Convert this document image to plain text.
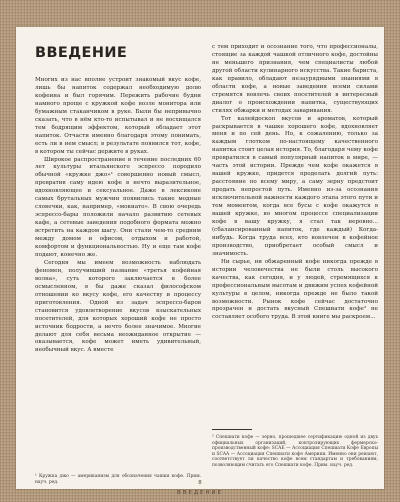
ВВЕДЕНИЕ

Многих из нас вполне устроит знакомый вкус кофе, лишь бы напиток содержал необходимую долю кофеина и был горячим. Пережить рабочие будни намного проще с кружкой кофе возле монитора или бумажным стаканчиком в руке. Были бы непривычно сказать, что в нём кто-то испытывал и не восхищался тем бодрящим эффектом, который обладает этот напиток. Отчасти именно благодаря этому понимать, есть ли в нем смысл; в результате появился тот, кофе, в котором ты сейчас держите в руках.

Широкое распространение в течение последних 60 лет культуры итальянского эспрессо породило обычной «кружке джо»¹ совершенно новый смысл, превратив саму идею кофе в нечто выразительное, вдохновляющее и сексуальное. Даже в лексиконе самых брутальных мужчин появились такие модные словечки, как, например, «мокиато». В свою очередь эспрессо-бары положили начало развитию сетевых кафе, а сетевые заведения подобного формата можно встретить на каждом шагу. Они стали чем-то средним между домом и офисом, отдыхом и работой, комфортом и функциональностью. Ну и еще там кофе подают, конечно же.

Сегодня мы имеем возможность наблюдать феномен, получивший название «третья кофейная волна», суть которого заключается в более осмысленном, я бы даже сказал философском отношении ко вкусу кофе, его качеству и процессу приготовления. Одной из задач эспрессо-баров становится удовлетворение вкусов взыскательных посетителей, для которых хороший кофе не просто источник бодрости, а нечто более значимое. Многие делают для себя весьма неожиданное открытие — оказывается, кофе может иметь удивительный, необычный вкус. А вместе

¹ Кружка джо — американизм для обозначения чашки кофе. Прим. науч. ред.

с тем приходит и осознание того, что профессионалы, стоящие за каждой чашкой отличного кофе, достойны не меньшего признания, чем специалисты любой другой области кулинарного искусства. Такие бариста, как правило, обладают незаурядными знаниями в области кофе, а новые заведения всеми силами стремятся вовлечь своих посетителей в интересный диалог о происхождении напитка, существующих стилях обжарки и методах заваривания.

Тот калейдоскоп вкусов и ароматов, который раскрывается в чашке хорошего кофе, вдохновляет меня и по сей день. Но, к сожалению, только за каждым глотком по-настоящему качественного напитка стоит целая история. То, благодаря чему кофе превратился в самый популярный напиток в мире, — часть этой истории. Прежде чем кофе окажется в вашей кружке, придется проделать долгий путь: расстояние по всему миру, а саму зерну предстоит продать непростой путь. Именно из-за осознания исключительной важности каждого этапа этого пути и тем моментом, когда все бусы с кофе окажутся в вашей кружке, во многом процессе специализации кофе в вашу кружку, я стал так неровно... (сбалансированный напиток, где каждый) Когда-нибудь. Когда труда всех, кто вовлечен в кофейное производство, приобретает особый смысл и значимость.

Ни сырье, ни обжаренный кофе никогда прежде в истории человечества не были столь высокого качества, как сегодня, и у людей, стремящихся к профессиональным высотам и движим успех кофейной культуры в целом, никогда прежде не было такой возможности. Рынок кофе сейчас достаточно прозрачен и достать вкусный Спешиати кофе² не составляет особого труда. В этой книге мы раскроем...

² Спешиати кофе — зерно, прошедшее сертификацию одной из двух официальных организаций, контролирующих фермерско-производственный кофе: SCAE — Ассоциация Спешиати Кофе Европы и SCAA — Ассоциация Спешиати кофе Америки. Именно они решают, соответствует ли качество кофе всем стандартам и требованиям, позволяющим считать его Спешиати кофе. Прим. науч. ред.
8
ВВЕДЕНИЕ
